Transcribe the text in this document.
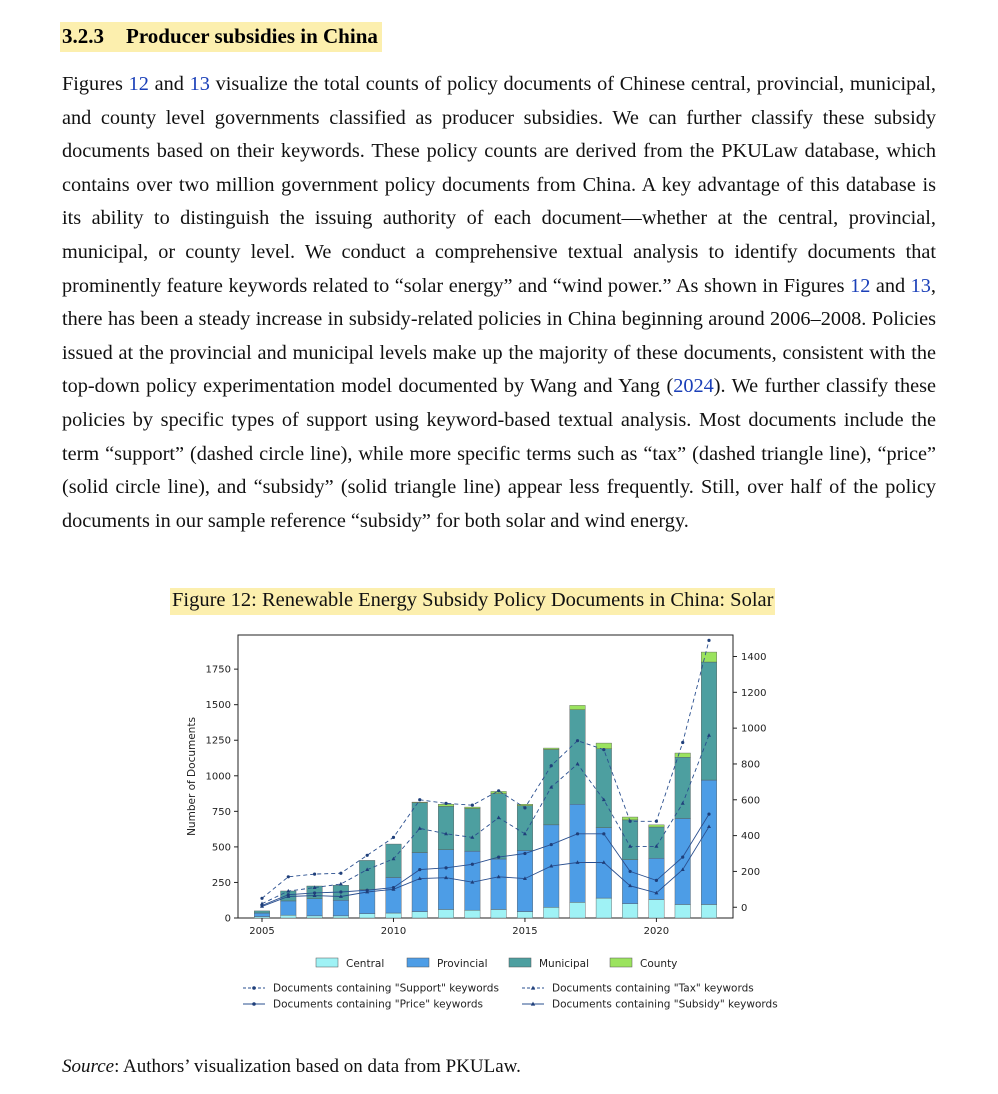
3.2.3 Producer subsidies in China

Figures 12 and 13 visualize the total counts of policy documents of Chinese central, provincial, municipal, and county level governments classified as producer subsidies. We can further classify these subsidy documents based on their keywords. These policy counts are derived from the PKULaw database, which contains over two million government policy documents from China. A key advantage of this database is its ability to distinguish the issuing authority of each document—whether at the central, provincial, municipal, or county level. We conduct a comprehensive textual analysis to identify documents that prominently feature keywords related to “solar energy” and “wind power.” As shown in Figures 12 and 13, there has been a steady increase in subsidy-related policies in China beginning around 2006–2008. Policies issued at the provincial and municipal levels make up the majority of these documents, consistent with the top-down policy experimentation model documented by Wang and Yang (2024). We further classify these policies by specific types of support using keyword-based textual analysis. Most documents include the term “support” (dashed circle line), while more specific terms such as “tax” (dashed triangle line), “price” (solid circle line), and “subsidy” (solid triangle line) appear less frequently. Still, over half of the policy documents in our sample reference “subsidy” for both solar and wind energy.

Figure 12: Renewable Energy Subsidy Policy Documents in China: Solar
0
250
500
750
1000
1250
1500
1750
0
200
400
600
800
1000
1200
1400
2005	2010	2015	2020
Number of Documents
Central	Provincial	Municipal	County
Documents containing "Support" keywords
Documents containing "Price" keywords
Documents containing "Tax" keywords
Documents containing "Subsidy" keywords
Source: Authors’ visualization based on data from PKULaw.
